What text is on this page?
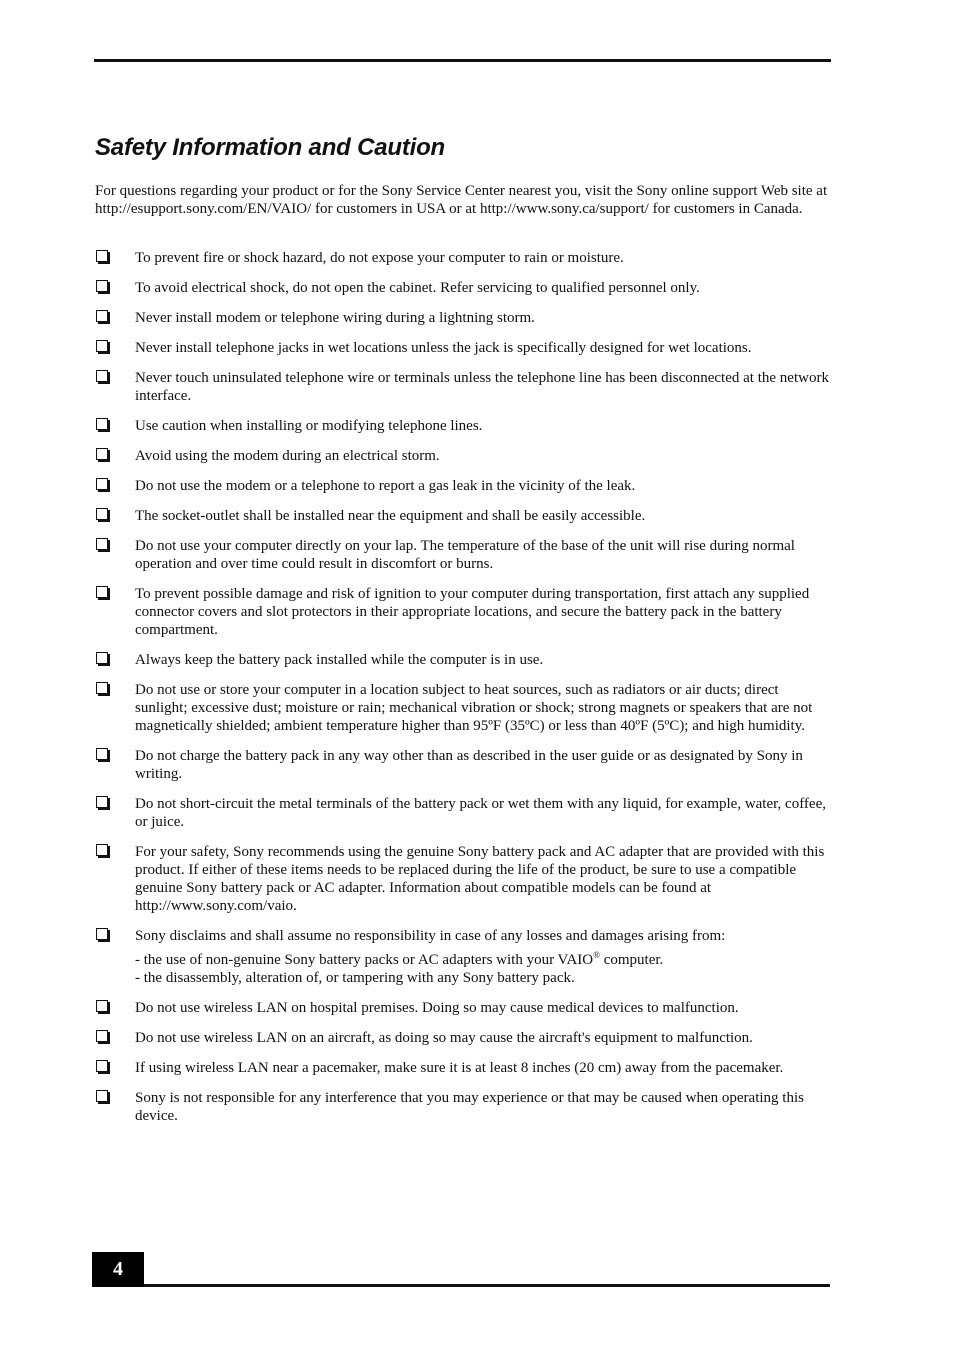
Safety Information and Caution

For questions regarding your product or for the Sony Service Center nearest you, visit the Sony online support Web site at http://esupport.sony.com/EN/VAIO/ for customers in USA or at http://www.sony.ca/support/ for customers in Canada.

To prevent fire or shock hazard, do not expose your computer to rain or moisture.
To avoid electrical shock, do not open the cabinet. Refer servicing to qualified personnel only.
Never install modem or telephone wiring during a lightning storm.
Never install telephone jacks in wet locations unless the jack is specifically designed for wet locations.
Never touch uninsulated telephone wire or terminals unless the telephone line has been disconnected at the network interface.
Use caution when installing or modifying telephone lines.
Avoid using the modem during an electrical storm.
Do not use the modem or a telephone to report a gas leak in the vicinity of the leak.
The socket-outlet shall be installed near the equipment and shall be easily accessible.
Do not use your computer directly on your lap. The temperature of the base of the unit will rise during normal operation and over time could result in discomfort or burns.
To prevent possible damage and risk of ignition to your computer during transportation, first attach any supplied connector covers and slot protectors in their appropriate locations, and secure the battery pack in the battery compartment.
Always keep the battery pack installed while the computer is in use.
Do not use or store your computer in a location subject to heat sources, such as radiators or air ducts; direct sunlight; excessive dust; moisture or rain; mechanical vibration or shock; strong magnets or speakers that are not magnetically shielded; ambient temperature higher than 95ºF (35ºC) or less than 40ºF (5ºC); and high humidity.
Do not charge the battery pack in any way other than as described in the user guide or as designated by Sony in writing.
Do not short-circuit the metal terminals of the battery pack or wet them with any liquid, for example, water, coffee, or juice.
For your safety, Sony recommends using the genuine Sony battery pack and AC adapter that are provided with this product. If either of these items needs to be replaced during the life of the product, be sure to use a compatible genuine Sony battery pack or AC adapter. Information about compatible models can be found at http://www.sony.com/vaio.
Sony disclaims and shall assume no responsibility in case of any losses and damages arising from:
- the use of non-genuine Sony battery packs or AC adapters with your VAIO® computer.
- the disassembly, alteration of, or tampering with any Sony battery pack.
Do not use wireless LAN on hospital premises. Doing so may cause medical devices to malfunction.
Do not use wireless LAN on an aircraft, as doing so may cause the aircraft's equipment to malfunction.
If using wireless LAN near a pacemaker, make sure it is at least 8 inches (20 cm) away from the pacemaker.
Sony is not responsible for any interference that you may experience or that may be caused when operating this device.
4
